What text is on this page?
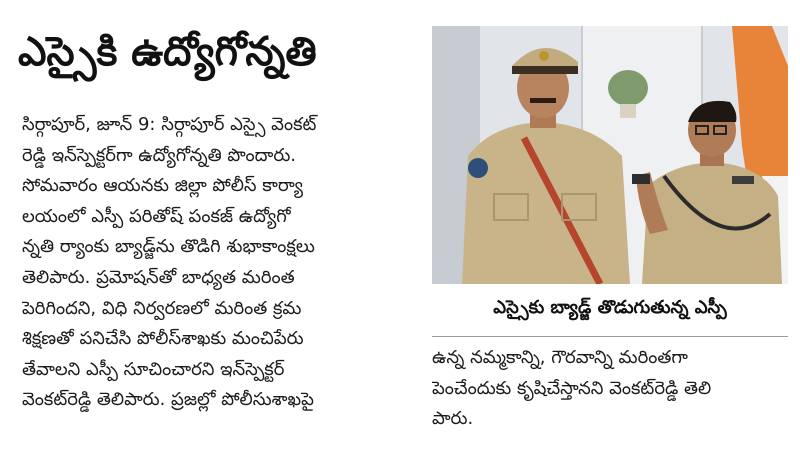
ఎస్సైకి ఉద్యోగోన్నతి
సిర్గాపూర్, జూన్ 9: సిర్గాపూర్ ఎస్సై వెంకట్
రెడ్డి ఇన్‌స్పెక్టర్‌గా ఉద్యోగోన్నతి పొందారు.
సోమవారం ఆయనకు జిల్లా పోలీస్ కార్యా
లయంలో ఎస్పీ పరితోష్ పంకజ్ ఉద్యోగో
న్నతి ర్యాంకు బ్యాడ్జ్‌ను తొడిగి శుభాకాంక్షలు
తెలిపారు. ప్రమోషన్‌తో బాధ్యత మరింత
పెరిగిందని, విధి నిర్వరణలో మరింత క్రమ
శిక్షణతో పనిచేసి పోలీస్‌శాఖకు మంచిపేరు
తేవాలని ఎస్పీ సూచించారని ఇన్‌స్పెక్టర్
వెంకట్‌రెడ్డి తెలిపారు. ప్రజల్లో పోలీసుశాఖపై
ఎస్సైకు బ్యాడ్జ్ తొడుగుతున్న ఎస్పీ
ఉన్న నమ్మకాన్ని, గౌరవాన్ని మరింతగా
పెంచేందుకు కృషిచేస్తానని వెంకట్‌రెడ్డి తెలి
పారు.
